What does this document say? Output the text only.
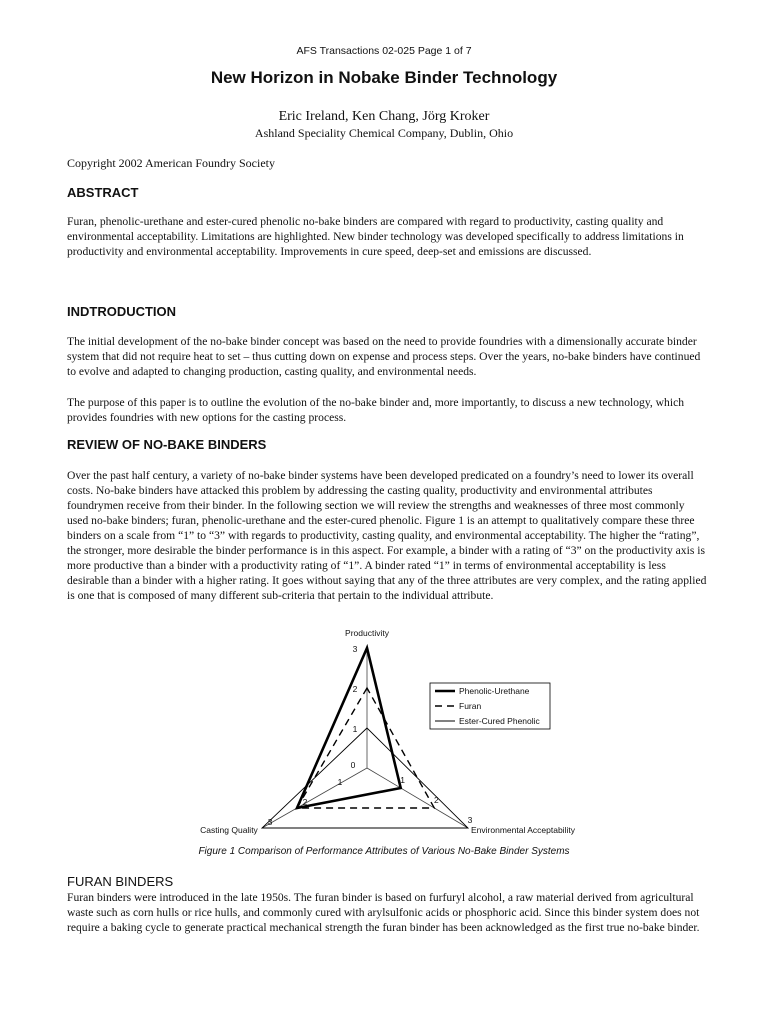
AFS Transactions 02-025 Page 1 of 7
New Horizon in Nobake Binder Technology
Eric Ireland, Ken Chang, Jörg Kroker
Ashland Speciality Chemical Company, Dublin, Ohio
Copyright 2002 American Foundry Society
ABSTRACT
Furan, phenolic-urethane and ester-cured phenolic no-bake binders are compared with regard to productivity, casting quality and environmental acceptability. Limitations are highlighted. New binder technology was developed specifically to address limitations in productivity and environmental acceptability. Improvements in cure speed, deep-set and emissions are discussed.
INDTRODUCTION
The initial development of the no-bake binder concept was based on the need to provide foundries with a dimensionally accurate binder system that did not require heat to set – thus cutting down on expense and process steps. Over the years, no-bake binders have continued to evolve and adapted to changing production, casting quality, and environmental needs.
The purpose of this paper is to outline the evolution of the no-bake binder and, more importantly, to discuss a new technology, which provides foundries with new options for the casting process.
REVIEW OF NO-BAKE BINDERS
Over the past half century, a variety of no-bake binder systems have been developed predicated on a foundry’s need to lower its overall costs. No-bake binders have attacked this problem by addressing the casting quality, productivity and environmental attributes foundrymen receive from their binder. In the following section we will review the strengths and weaknesses of three most commonly used no-bake binders; furan, phenolic-urethane and the ester-cured phenolic. Figure 1 is an attempt to qualitatively compare these three binders on a scale from “1” to “3” with regards to productivity, casting quality, and environmental acceptability. The higher the “rating”, the stronger, more desirable the binder performance is in this aspect. For example, a binder with a rating of “3” on the productivity axis is more productive than a binder with a productivity rating of “1”. A binder rated “1” in terms of environmental acceptability is less desirable than a binder with a higher rating. It goes without saying that any of the three attributes are very complex, and the rating applied is one that is composed of many different sub-criteria that pertain to the individual attribute.
1
1	1
2
2	2
3
3	3
0
Productivity
Casting Quality	Environmental Acceptability
Phenolic-Urethane
Furan
Ester-Cured Phenolic
Figure 1 Comparison of Performance Attributes of Various No-Bake Binder Systems
FURAN BINDERS
Furan binders were introduced in the late 1950s. The furan binder is based on furfuryl alcohol, a raw material derived from agricultural waste such as corn hulls or rice hulls, and commonly cured with arylsulfonic acids or phosphoric acid. Since this binder system does not require a baking cycle to generate practical mechanical strength the furan binder has been acknowledged as the first true no-bake binder.
